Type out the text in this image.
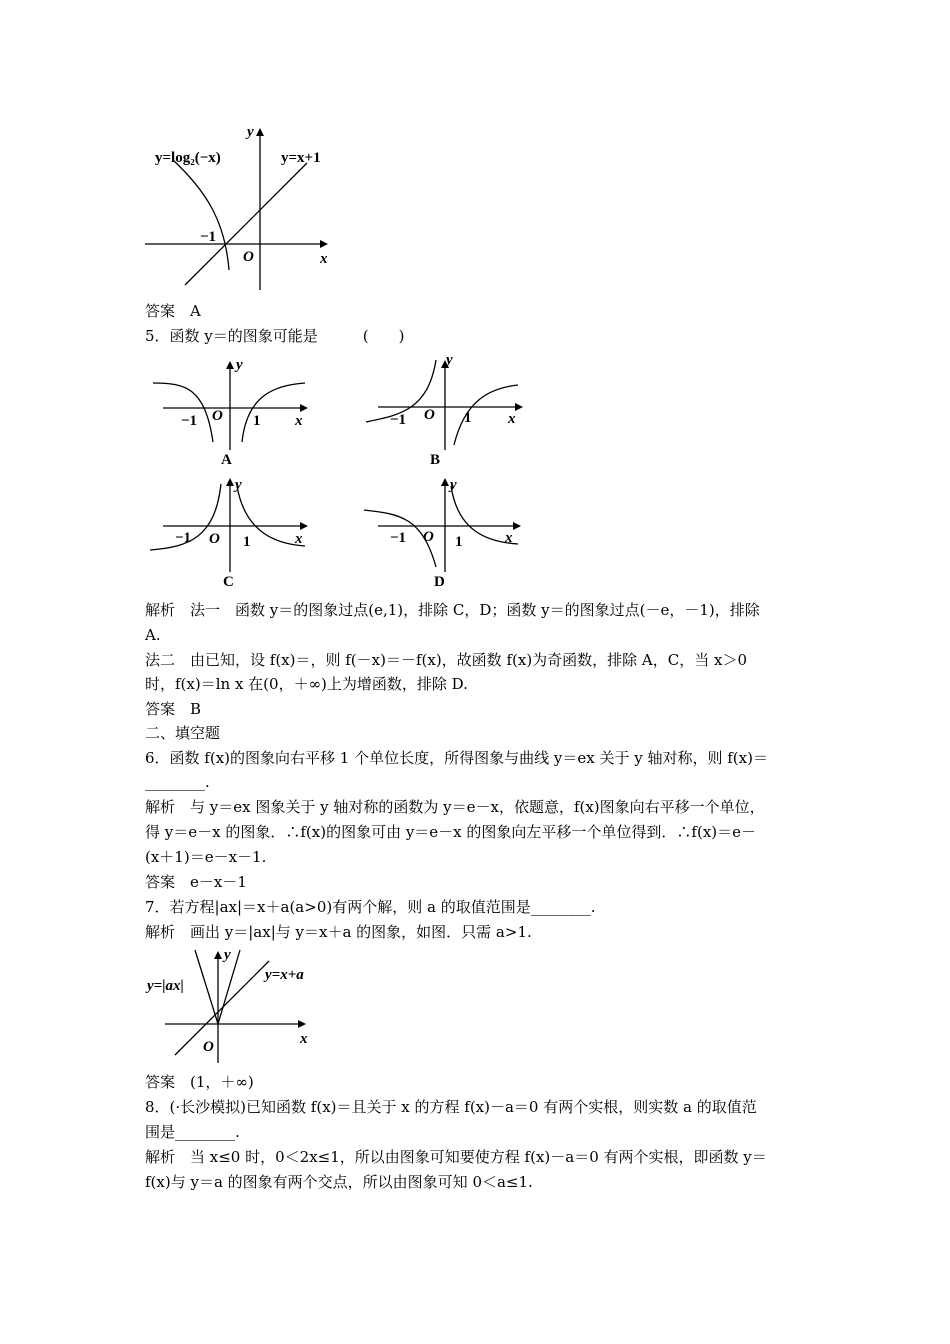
y=log₂(−x)	y=x+1
y
x
O
−1
答案　A
5．函数 y＝的图象可能是　　　(　　)
y
x
O
−1	1
A
y
x
O
−1	1
B
y
x
O
−1	1
C
y
x
O
−1	1
D
解析　法一　函数 y＝的图象过点(e,1)，排除 C，D；函数 y＝的图象过点(－e，－1)，排除
A.
法二　由已知，设 f(x)＝，则 f(－x)＝－f(x)，故函数 f(x)为奇函数，排除 A，C，当 x＞0
时，f(x)＝ln x 在(0，＋∞)上为增函数，排除 D.
答案　B
二、填空题
6．函数 f(x)的图象向右平移 1 个单位长度，所得图象与曲线 y＝ex 关于 y 轴对称，则 f(x)＝
________.
解析　与 y＝ex 图象关于 y 轴对称的函数为 y＝e－x，依题意，f(x)图象向右平移一个单位，
得 y＝e－x 的图象．∴f(x)的图象可由 y＝e－x 的图象向左平移一个单位得到．∴f(x)＝e－
(x＋1)＝e－x－1.
答案　e－x－1
7．若方程|ax|＝x＋a(a>0)有两个解，则 a 的取值范围是________.
解析　画出 y＝|ax|与 y＝x＋a 的图象，如图．只需 a>1.
y=|ax|
y=x+a
y
x
O
答案　(1，＋∞)
8．(·长沙模拟)已知函数 f(x)＝且关于 x 的方程 f(x)－a＝0 有两个实根，则实数 a 的取值范
围是________.
解析　当 x≤0 时，0＜2x≤1，所以由图象可知要使方程 f(x)－a＝0 有两个实根，即函数 y＝
f(x)与 y＝a 的图象有两个交点，所以由图象可知 0＜a≤1.
